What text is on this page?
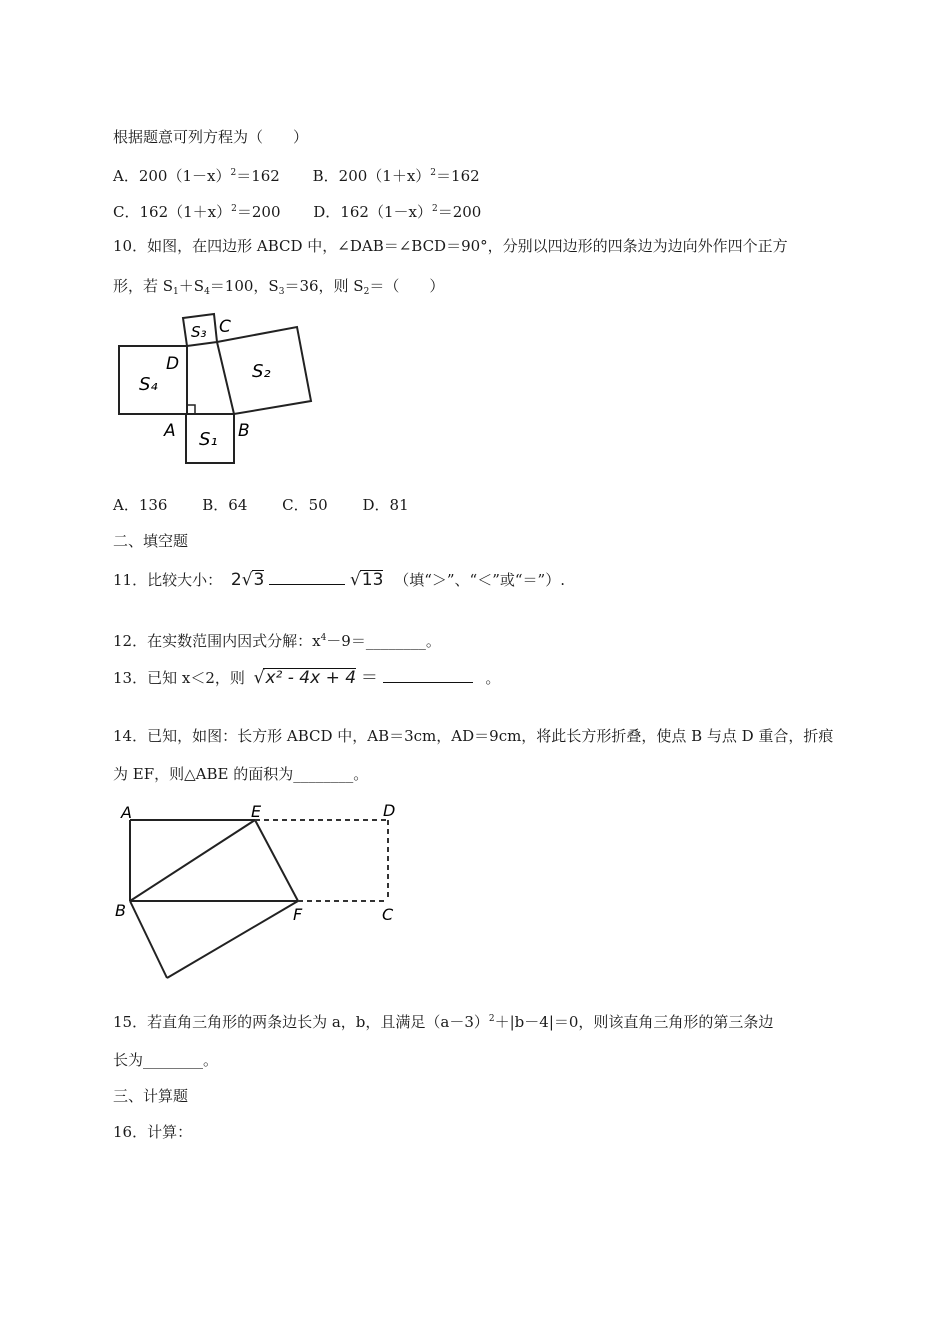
根据题意可列方程为（　　）
A．$200(1-x)^2=162$ B．$200(1+x)^2=162$
C．$162(1+x)^2=200$ D．$162(1-x)^2=200$
10．如图，在四边形 ABCD 中，∠DAB＝∠BCD＝90°，分别以四边形的四条边为边向外作四个正方
形，若 $S_1+S_4=100$，$S_3=36$，则 $S_2=$（　　）
S₃ C
D
S₄
S₂
A	B
S₁
A．136 B．64 C．50 D．81
二、填空题
11．比较大小： 2√3	√13 （填“＞”、“＜”或“＝”）.
12．在实数范围内因式分解：$x^4-9=\_\_\_\_\_\_\_\_$。
13．已知 x＜2，则 √x² - 4x + 4 ＝	。
14．已知，如图：长方形 ABCD 中，AB＝3cm，AD＝9cm，将此长方形折叠，使点 B 与点 D 重合，折痕
为 EF，则△ABE 的面积为________。
A	E	D
B	F	C
15．若直角三角形的两条边长为 a，b，且满足$(a-3)^2+|b-4|=0$，则该直角三角形的第三条边
长为________。
三、计算题
16．计算：
